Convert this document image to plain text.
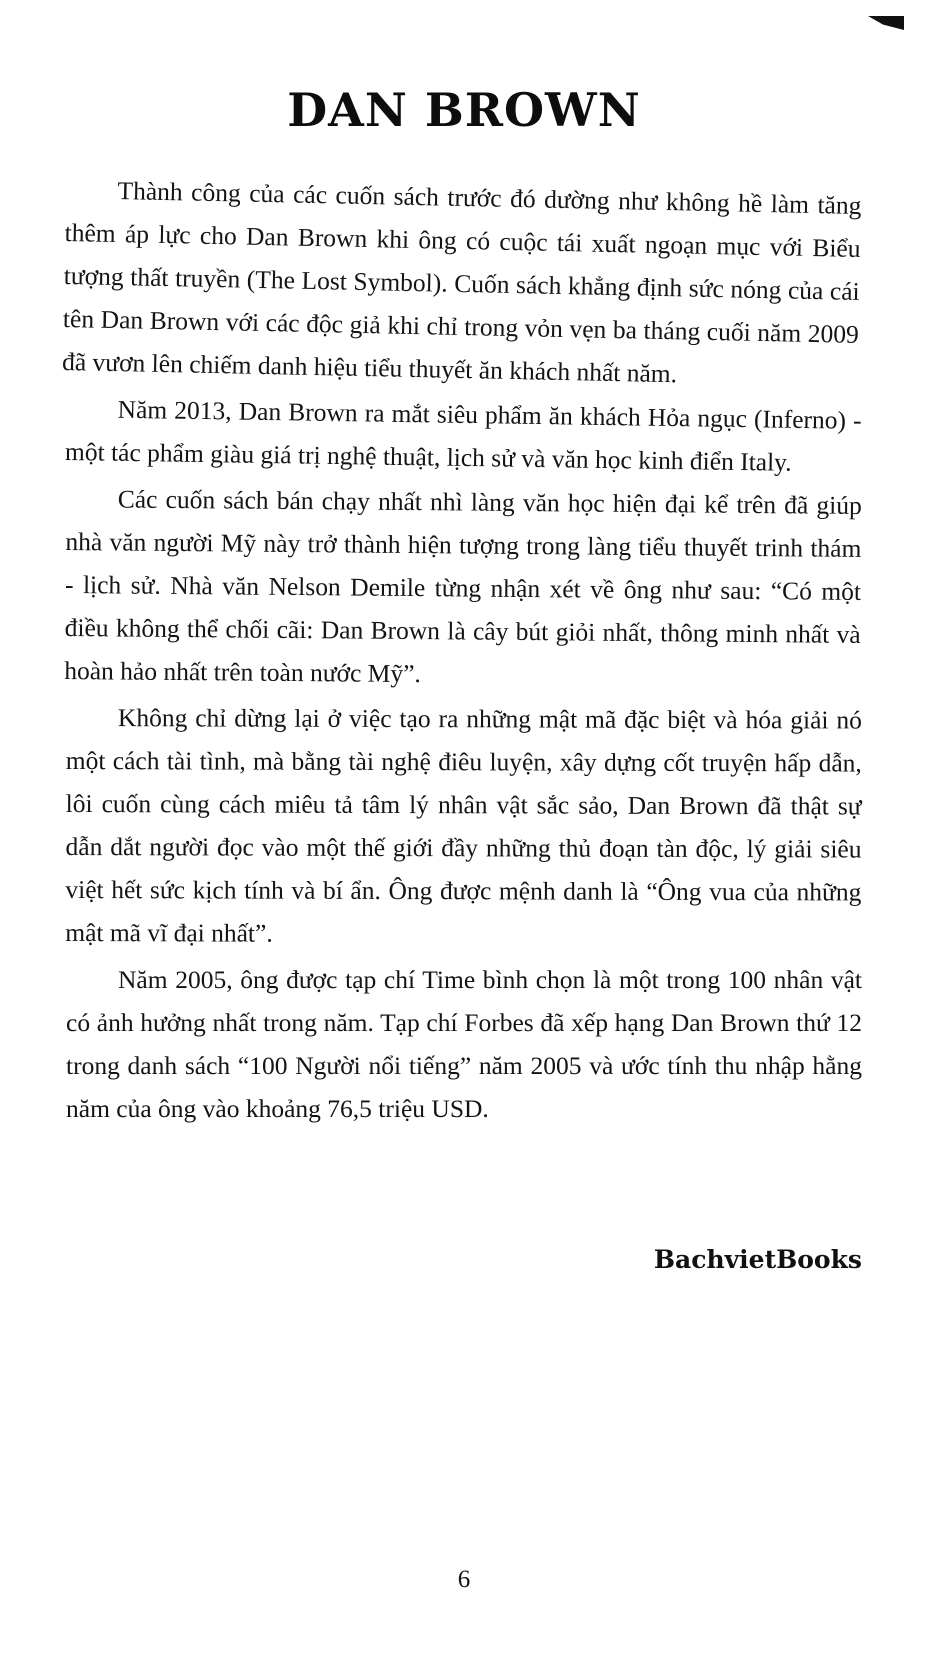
DAN BROWN

Thành công của các cuốn sách trước đó dường như không hề làm tăng thêm áp lực cho Dan Brown khi ông có cuộc tái xuất ngoạn mục với Biểu tượng thất truyền (The Lost Symbol). Cuốn sách khẳng định sức nóng của cái tên Dan Brown với các độc giả khi chỉ trong vỏn vẹn ba tháng cuối năm 2009 đã vươn lên chiếm danh hiệu tiểu thuyết ăn khách nhất năm.

Năm 2013, Dan Brown ra mắt siêu phẩm ăn khách Hỏa ngục (Inferno) - một tác phẩm giàu giá trị nghệ thuật, lịch sử và văn học kinh điển Italy.

Các cuốn sách bán chạy nhất nhì làng văn học hiện đại kể trên đã giúp nhà văn người Mỹ này trở thành hiện tượng trong làng tiểu thuyết trinh thám - lịch sử. Nhà văn Nelson Demile từng nhận xét về ông như sau: “Có một điều không thể chối cãi: Dan Brown là cây bút giỏi nhất, thông minh nhất và hoàn hảo nhất trên toàn nước Mỹ”.

Không chỉ dừng lại ở việc tạo ra những mật mã đặc biệt và hóa giải nó một cách tài tình, mà bằng tài nghệ điêu luyện, xây dựng cốt truyện hấp dẫn, lôi cuốn cùng cách miêu tả tâm lý nhân vật sắc sảo, Dan Brown đã thật sự dẫn dắt người đọc vào một thế giới đầy những thủ đoạn tàn độc, lý giải siêu việt hết sức kịch tính và bí ẩn. Ông được mệnh danh là “Ông vua của những mật mã vĩ đại nhất”.

Năm 2005, ông được tạp chí Time bình chọn là một trong 100 nhân vật có ảnh hưởng nhất trong năm. Tạp chí Forbes đã xếp hạng Dan Brown thứ 12 trong danh sách “100 Người nổi tiếng” năm 2005 và ước tính thu nhập hằng năm của ông vào khoảng 76,5 triệu USD.

BachvietBooks
6
